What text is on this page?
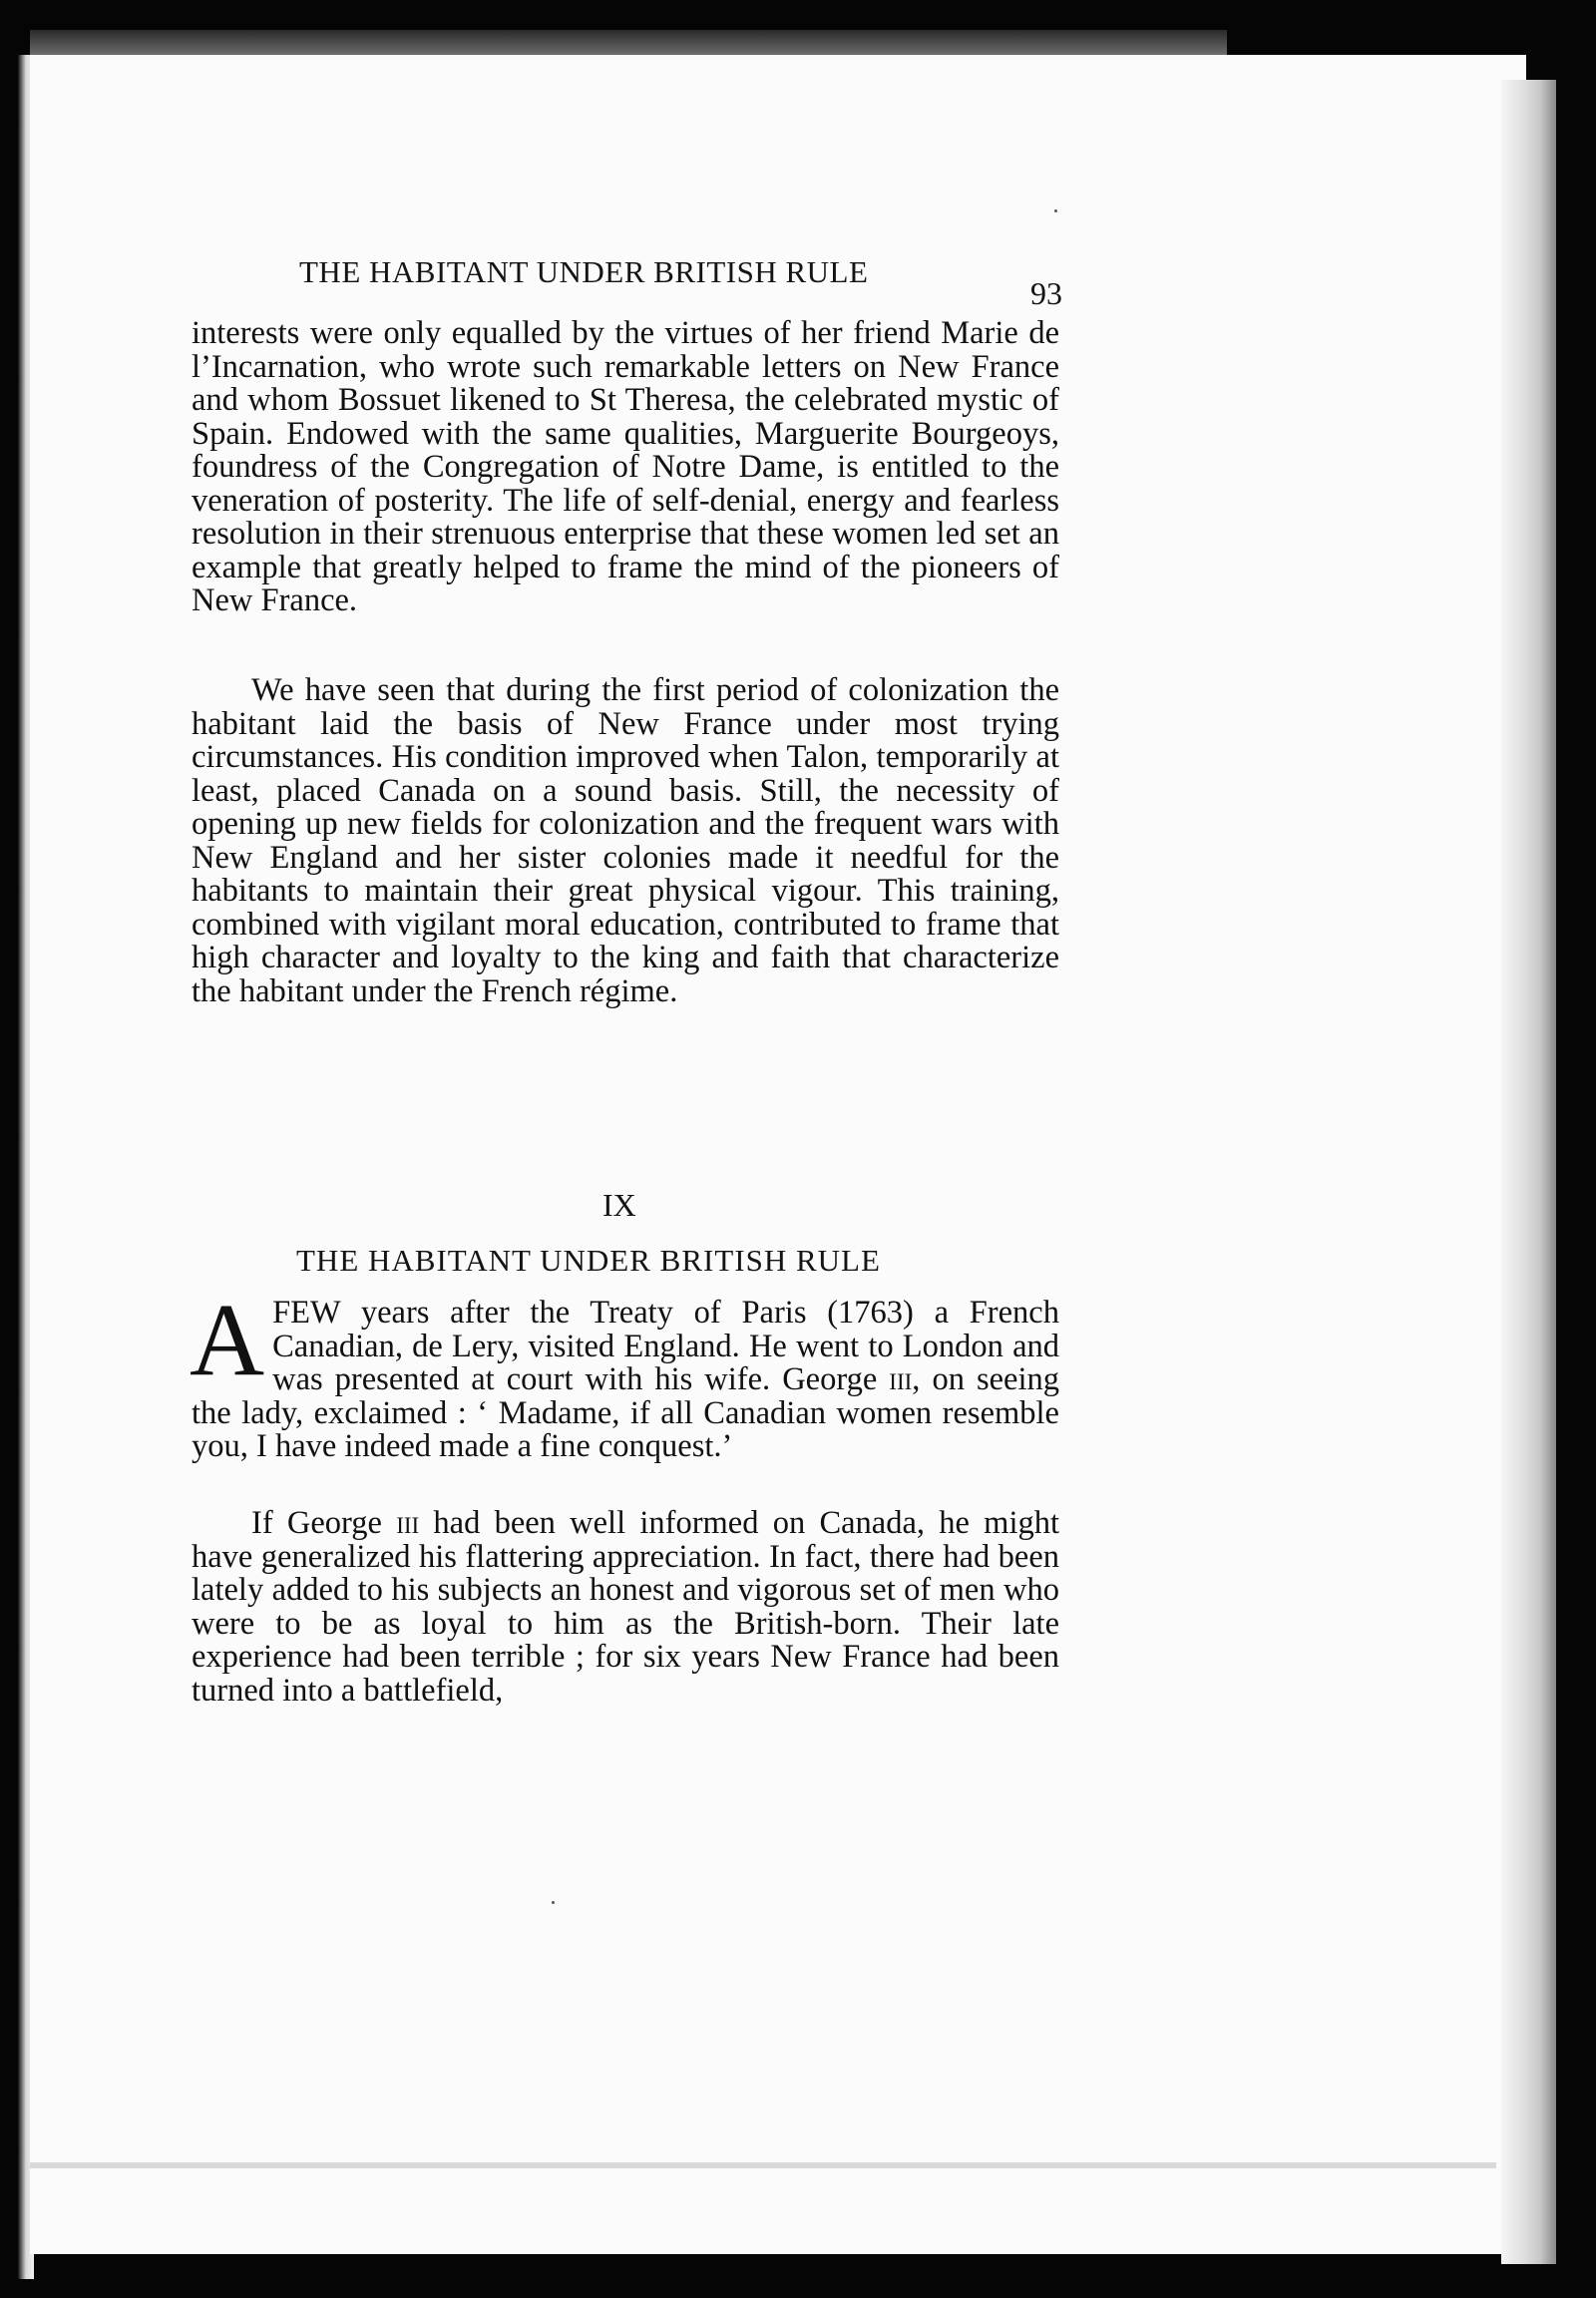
THE HABITANT UNDER BRITISH RULE
93

interests were only equalled by the virtues of her friend Marie de l’Incarnation, who wrote such remarkable letters on New France and whom Bossuet likened to St Theresa, the celebrated mystic of Spain. Endowed with the same qualities, Marguerite Bourgeoys, foundress of the Congregation of Notre Dame, is entitled to the veneration of posterity. The life of self-denial, energy and fearless resolution in their strenuous enterprise that these women led set an example that greatly helped to frame the mind of the pioneers of New France.

We have seen that during the first period of colonization the habitant laid the basis of New France under most trying circumstances. His condition improved when Talon, temporarily at least, placed Canada on a sound basis. Still, the necessity of opening up new fields for colonization and the frequent wars with New England and her sister colonies made it needful for the habitants to maintain their great physical vigour. This training, combined with vigilant moral education, contributed to frame that high character and loyalty to the king and faith that characterize the habitant under the French régime.

IX
THE HABITANT UNDER BRITISH RULE

AFEW years after the Treaty of Paris (1763) a French Canadian, de Lery, visited England. He went to London and was presented at court with his wife. George iii, on seeing the lady, exclaimed : ‘ Madame, if all Canadian women resemble you, I have indeed made a fine conquest.’

If George iii had been well informed on Canada, he might have generalized his flattering appreciation. In fact, there had been lately added to his subjects an honest and vigorous set of men who were to be as loyal to him as the British-born. Their late experience had been terrible ; for six years New France had been turned into a battlefield,
